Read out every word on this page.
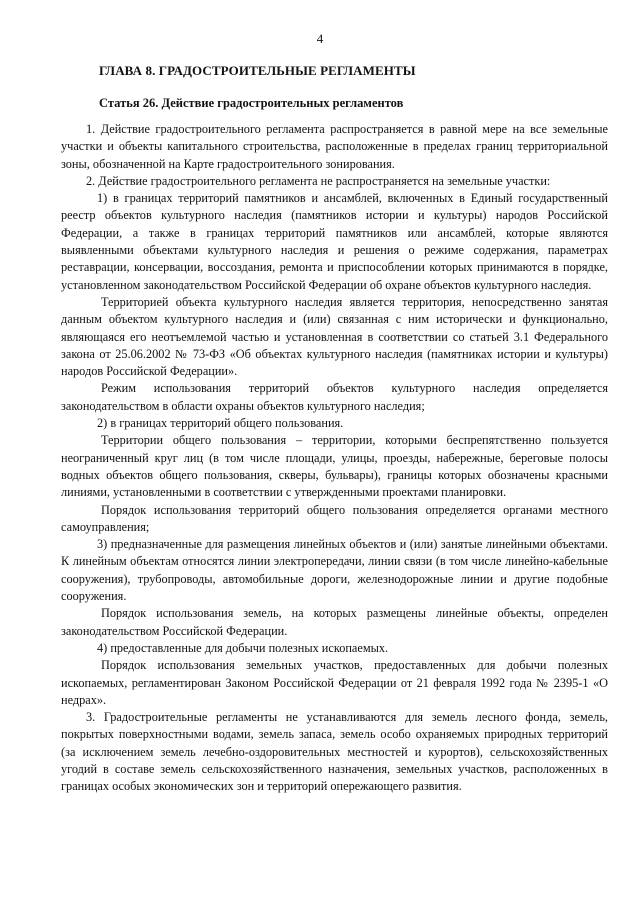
4
ГЛАВА 8. ГРАДОСТРОИТЕЛЬНЫЕ РЕГЛАМЕНТЫ
Статья 26. Действие градостроительных регламентов

1. Действие градостроительного регламента распространяется в равной мере на все земельные участки и объекты капитального строительства, расположенные в пределах границ территориальной зоны, обозначенной на Карте градостроительного зонирования.

2. Действие градостроительного регламента не распространяется на земельные участки:

1) в границах территорий памятников и ансамблей, включенных в Единый государственный реестр объектов культурного наследия (памятников истории и культуры) народов Российской Федерации, а также в границах территорий памятников или ансамблей, которые являются выявленными объектами культурного наследия и решения о режиме содержания, параметрах реставрации, консервации, воссоздания, ремонта и приспособлении которых принимаются в порядке, установленном законодательством Российской Федерации об охране объектов культурного наследия.

Территорией объекта культурного наследия является территория, непосредственно занятая данным объектом культурного наследия и (или) связанная с ним исторически и функционально, являющаяся его неотъемлемой частью и установленная в соответствии со статьей 3.1 Федерального закона от 25.06.2002 № 73-ФЗ «Об объектах культурного наследия (памятниках истории и культуры) народов Российской Федерации».

Режим использования территорий объектов культурного наследия определяется законодательством в области охраны объектов культурного наследия;

2) в границах территорий общего пользования.

Территории общего пользования – территории, которыми беспрепятственно пользуется неограниченный круг лиц (в том числе площади, улицы, проезды, набережные, береговые полосы водных объектов общего пользования, скверы, бульвары), границы которых обозначены красными линиями, установленными в соответствии с утвержденными проектами планировки.

Порядок использования территорий общего пользования определяется органами местного самоуправления;

3) предназначенные для размещения линейных объектов и (или) занятые линейными объектами. К линейным объектам относятся линии электропередачи, линии связи (в том числе линейно-кабельные сооружения), трубопроводы, автомобильные дороги, железнодорожные линии и другие подобные сооружения.

Порядок использования земель, на которых размещены линейные объекты, определен законодательством Российской Федерации.

4) предоставленные для добычи полезных ископаемых.

Порядок использования земельных участков, предоставленных для добычи полезных ископаемых, регламентирован Законом Российской Федерации от 21 февраля 1992 года № 2395-1 «О недрах».

3. Градостроительные регламенты не устанавливаются для земель лесного фонда, земель, покрытых поверхностными водами, земель запаса, земель особо охраняемых природных территорий (за исключением земель лечебно-оздоровительных местностей и курортов), сельскохозяйственных угодий в составе земель сельскохозяйственного назначения, земельных участков, расположенных в границах особых экономических зон и территорий опережающего развития.
